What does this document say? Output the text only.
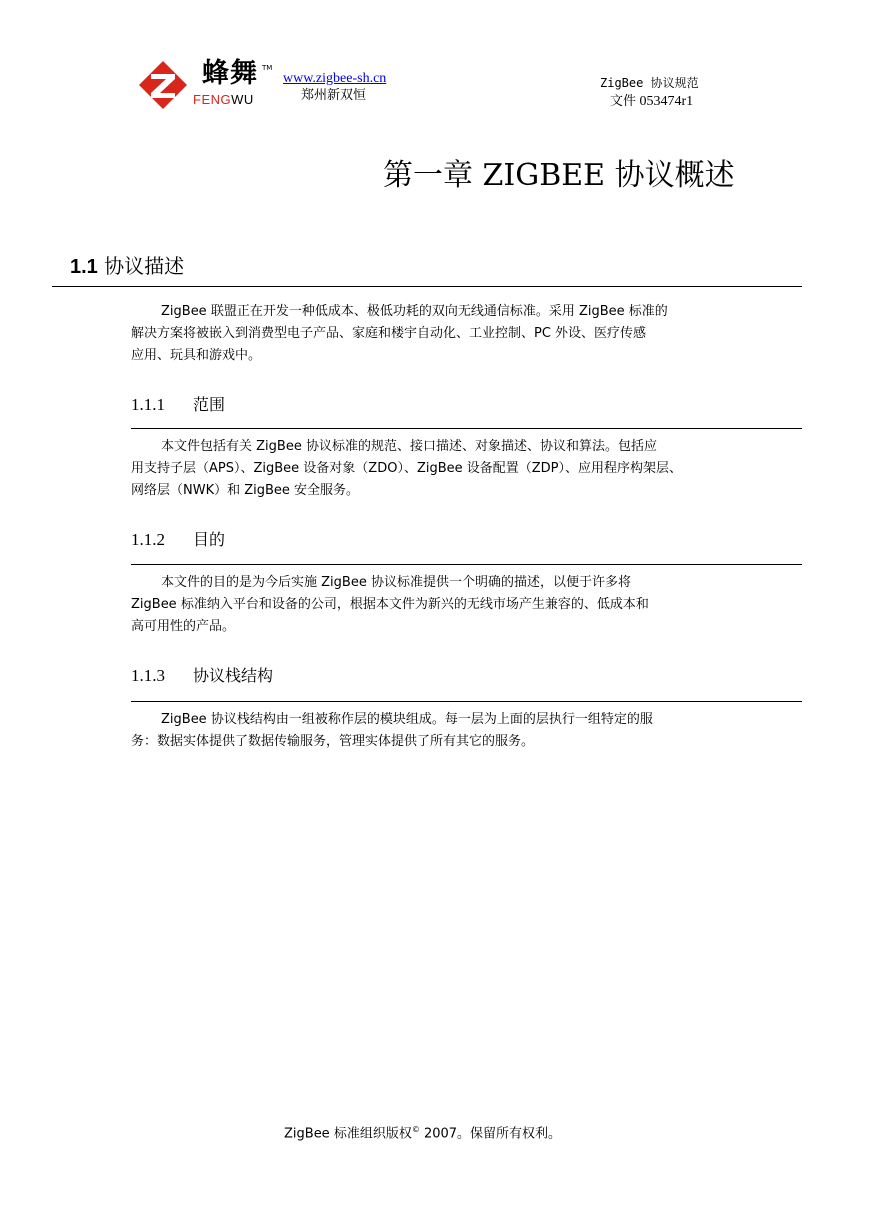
蜂舞 TM
FENGWU
www.zigbee-sh.cn
郑州新双恒
ZigBee 协议规范
文件 053474r1
第一章 ZIGBEE 协议概述
1.1 协议描述
ZigBee 联盟正在开发一种低成本、极低功耗的双向无线通信标准。采用 ZigBee 标准的
解决方案将被嵌入到消费型电子产品、家庭和楼宇自动化、工业控制、PC 外设、医疗传感
应用、玩具和游戏中。
1.1.1 范围
本文件包括有关 ZigBee 协议标准的规范、接口描述、对象描述、协议和算法。包括应
用支持子层（APS）、ZigBee 设备对象（ZDO）、ZigBee 设备配置（ZDP）、应用程序构架层、
网络层（NWK）和 ZigBee 安全服务。
1.1.2 目的
本文件的目的是为今后实施 ZigBee 协议标准提供一个明确的描述，以便于许多将
ZigBee 标准纳入平台和设备的公司，根据本文件为新兴的无线市场产生兼容的、低成本和
高可用性的产品。
1.1.3 协议栈结构
ZigBee 协议栈结构由一组被称作层的模块组成。每一层为上面的层执行一组特定的服
务：数据实体提供了数据传输服务，管理实体提供了所有其它的服务。
ZigBee 标准组织版权© 2007。保留所有权利。
